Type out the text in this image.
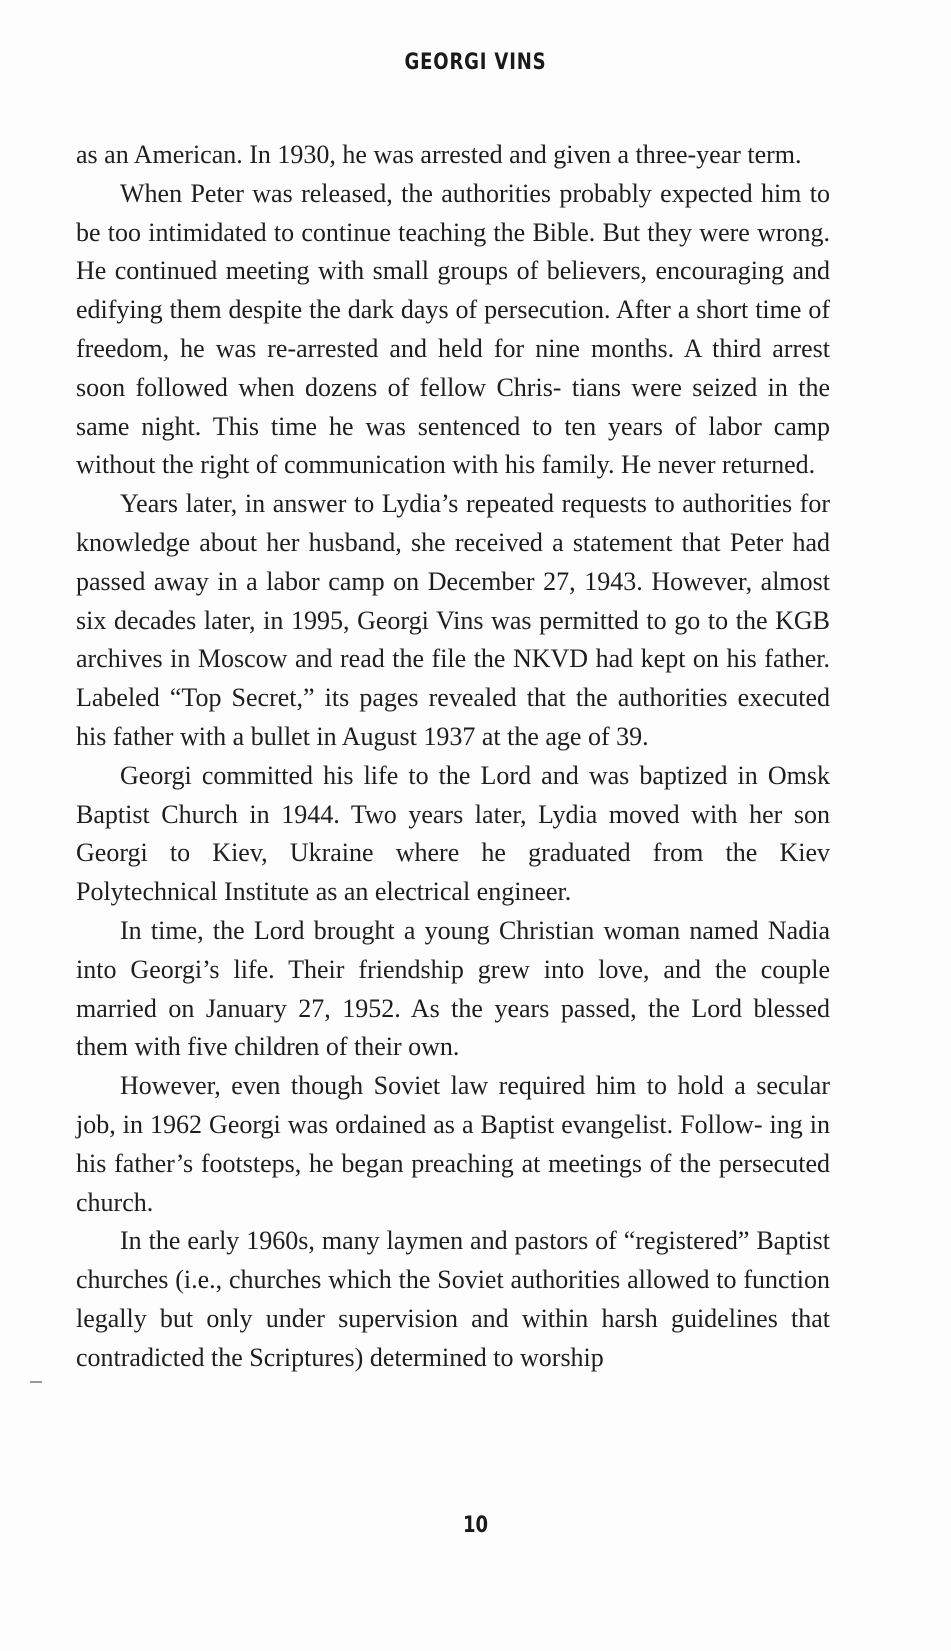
GEORGI VINS

as an American. In 1930, he was arrested and given a three-year term.

When Peter was released, the authorities probably expected him to be too intimidated to continue teaching the Bible. But they were wrong. He continued meeting with small groups of believers, encouraging and edifying them despite the dark days of persecution. After a short time of freedom, he was re-arrested and held for nine months. A third arrest soon followed when dozens of fellow Chris- tians were seized in the same night. This time he was sentenced to ten years of labor camp without the right of communication with his family. He never returned.

Years later, in answer to Lydia’s repeated requests to authorities for knowledge about her husband, she received a statement that Peter had passed away in a labor camp on December 27, 1943. However, almost six decades later, in 1995, Georgi Vins was permitted to go to the KGB archives in Moscow and read the file the NKVD had kept on his father. Labeled “Top Secret,” its pages revealed that the authorities executed his father with a bullet in August 1937 at the age of 39.

Georgi committed his life to the Lord and was baptized in Omsk Baptist Church in 1944. Two years later, Lydia moved with her son Georgi to Kiev, Ukraine where he graduated from the Kiev Polytechnical Institute as an electrical engineer.

In time, the Lord brought a young Christian woman named Nadia into Georgi’s life. Their friendship grew into love, and the couple married on January 27, 1952. As the years passed, the Lord blessed them with five children of their own.

However, even though Soviet law required him to hold a secular job, in 1962 Georgi was ordained as a Baptist evangelist. Follow- ing in his father’s footsteps, he began preaching at meetings of the persecuted church.

In the early 1960s, many laymen and pastors of “registered” Baptist churches (i.e., churches which the Soviet authorities allowed to function legally but only under supervision and within harsh guidelines that contradicted the Scriptures) determined to worship

10
